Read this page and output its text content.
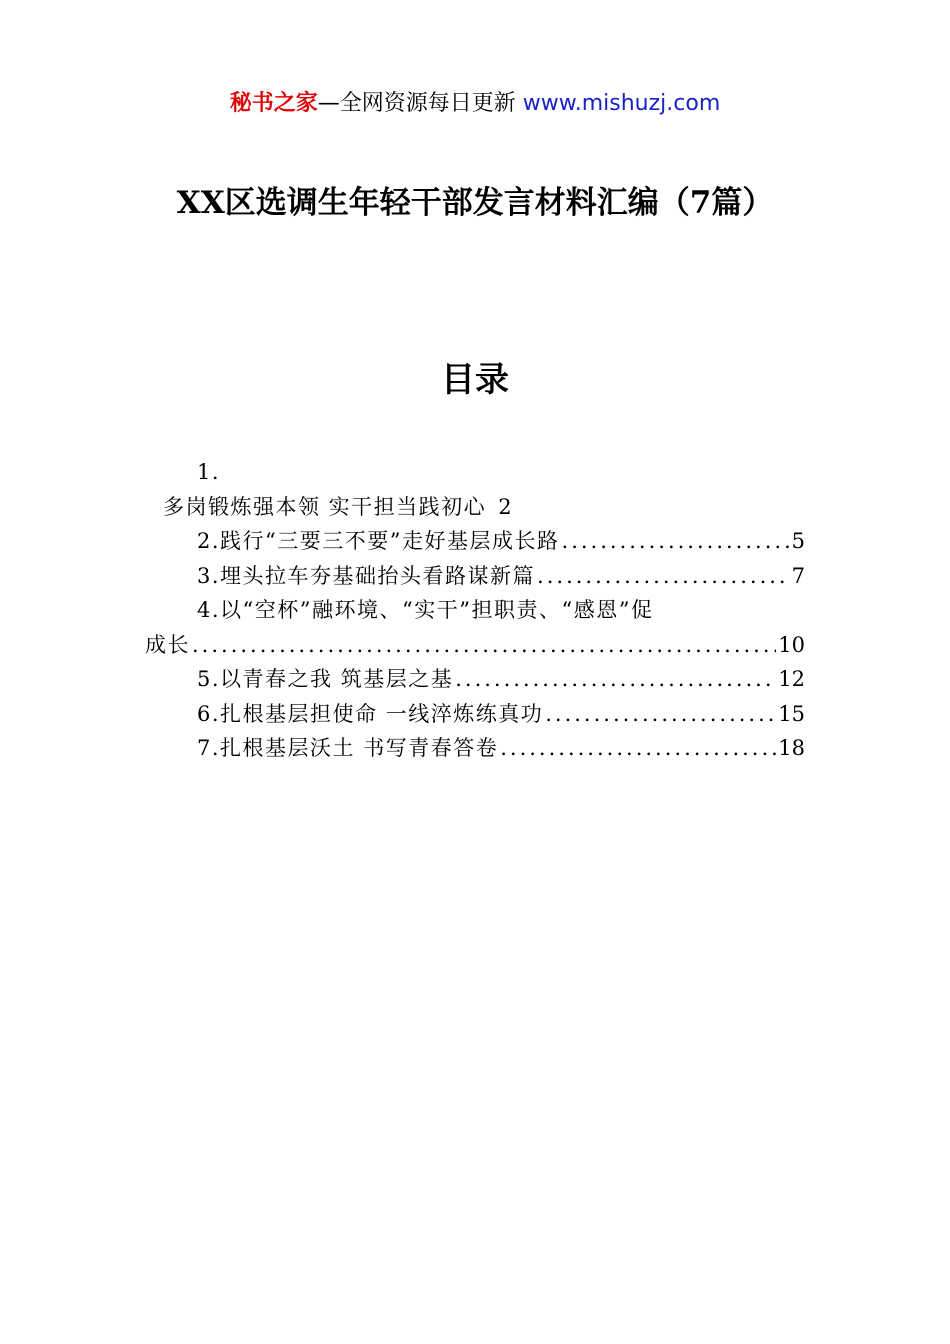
秘书之家—全网资源每日更新 www.mishuzj.com
XX区选调生年轻干部发言材料汇编（7篇）
目录
1.
多岗锻炼强本领 实干担当践初心 2
2. 践行“三要三不要”走好基层成长路 .....	5
3. 埋头拉车夯基础抬头看路谋新篇 .....	7
4. 以“空杯”融环境、“实干”担职责、“感恩”促
成长 .....	10
5. 以青春之我 筑基层之基 .....	12
6. 扎根基层担使命 一线淬炼练真功 .....	15
7. 扎根基层沃土 书写青春答卷 .....	18
